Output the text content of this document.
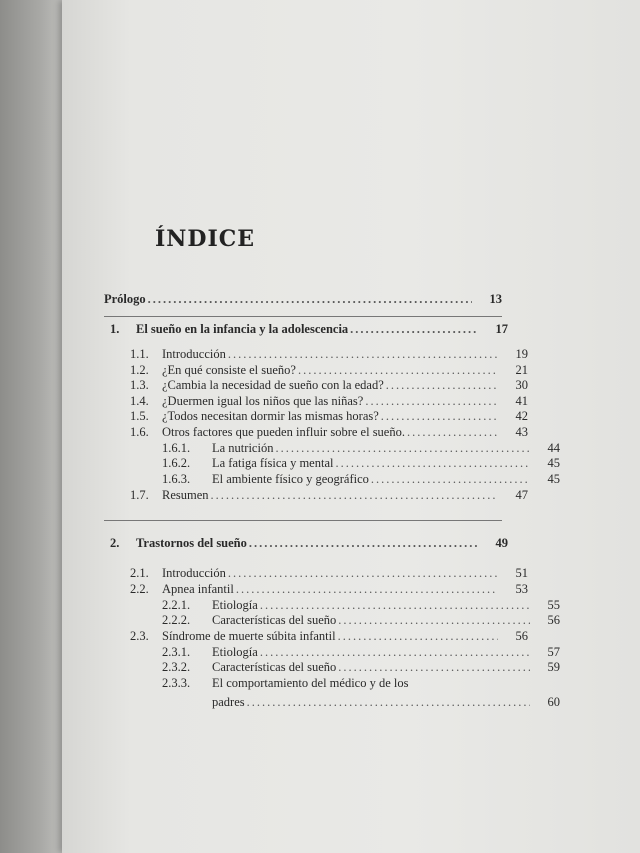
ÍNDICE
Prólogo .....	13
1.	El sueño en la infancia y la adolescencia .....	17
1.1.	Introducción .....	19
1.2.	¿En qué consiste el sueño? .....	21
1.3.	¿Cambia la necesidad de sueño con la edad? .....	30
1.4.	¿Duermen igual los niños que las niñas? .....	41
1.5.	¿Todos necesitan dormir las mismas horas? .....	42
1.6.	Otros factores que pueden influir sobre el sueño. .....	43
1.6.1.	La nutrición .....	44
1.6.2.	La fatiga física y mental .....	45
1.6.3.	El ambiente físico y geográfico .....	45
1.7.	Resumen .....	47
2.	Trastornos del sueño .....	49
2.1.	Introducción .....	51
2.2.	Apnea infantil .....	53
2.2.1.	Etiología .....	55
2.2.2.	Características del sueño .....	56
2.3.	Síndrome de muerte súbita infantil .....	56
2.3.1.	Etiología .....	57
2.3.2.	Características del sueño .....	59
2.3.3.	El comportamiento del médico y de los
padres .....	60
